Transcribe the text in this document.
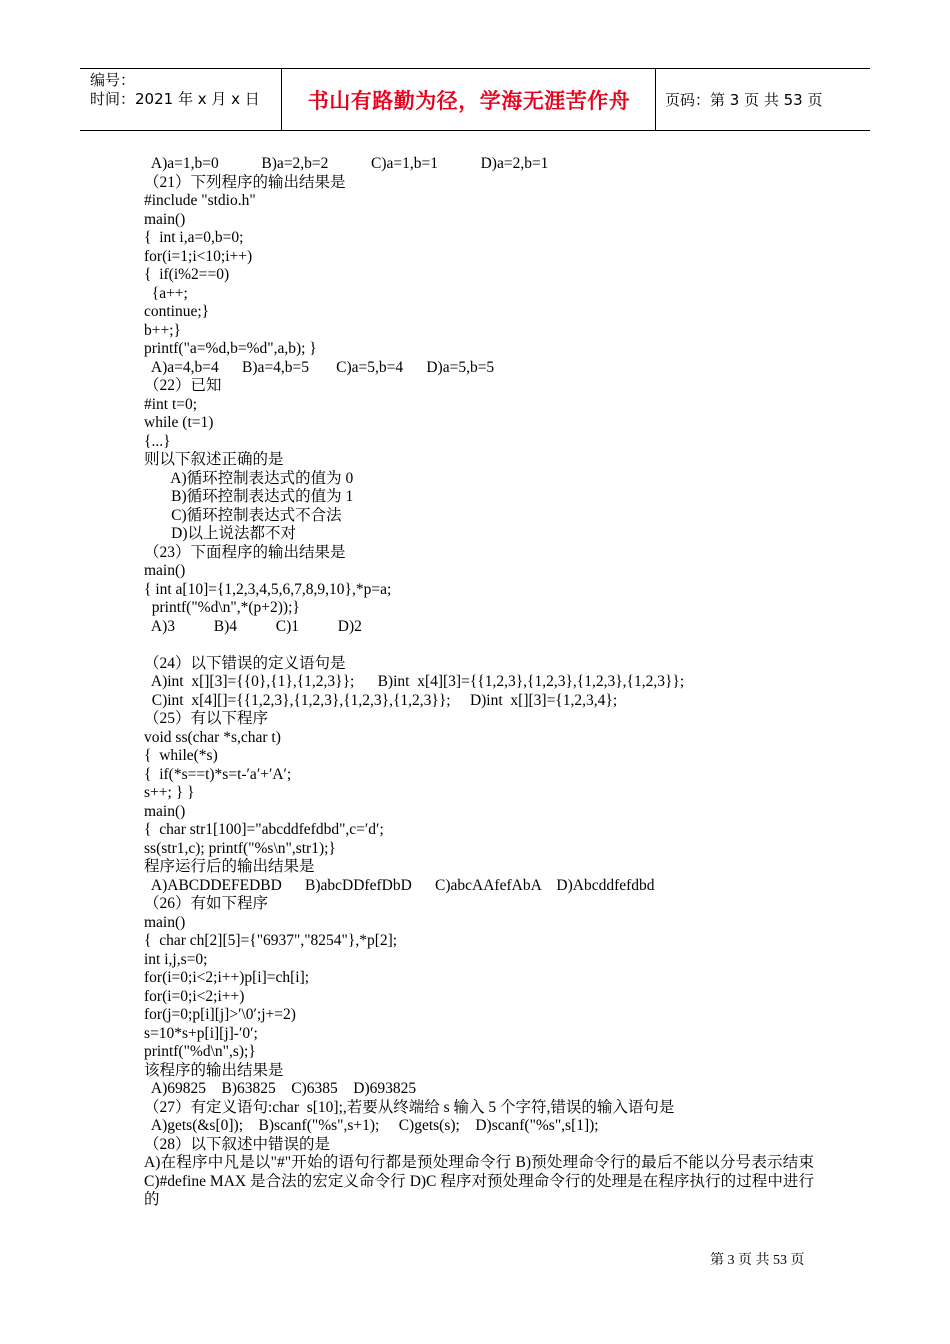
编号：
时间：2021 年 x 月 x 日	书山有路勤为径，学海无涯苦作舟	页码：第 3 页 共 53 页
A)a=1,b=0           B)a=2,b=2           C)a=1,b=1           D)a=2,b=1
（21）下列程序的输出结果是
#include "stdio.h"
main()
{  int i,a=0,b=0;
for(i=1;i<10;i++)
{  if(i%2==0)
{a++;
continue;}
b++;}
printf("a=%d,b=%d",a,b); }
A)a=4,b=4      B)a=4,b=5       C)a=5,b=4      D)a=5,b=5
（22）已知
#int t=0;
while (t=1)
{...}
则以下叙述正确的是
A)循环控制表达式的值为 0
B)循环控制表达式的值为 1
C)循环控制表达式不合法
D)以上说法都不对
（23）下面程序的输出结果是
main()
{ int a[10]={1,2,3,4,5,6,7,8,9,10},*p=a;
printf("%d\n",*(p+2));}
A)3          B)4          C)1          D)2
（24）以下错误的定义语句是
A)int  x[][3]={{0},{1},{1,2,3}};      B)int  x[4][3]={{1,2,3},{1,2,3},{1,2,3},{1,2,3}};
C)int  x[4][]={{1,2,3},{1,2,3},{1,2,3},{1,2,3}};     D)int  x[][3]={1,2,3,4};
（25）有以下程序
void ss(char *s,char t)
{  while(*s)
{  if(*s==t)*s=t-′a′+′A′;
s++; } }
main()
{  char str1[100]="abcddfefdbd",c=′d′;
ss(str1,c); printf("%s\n",str1);}
程序运行后的输出结果是
A)ABCDDEFEDBD      B)abcDDfefDbD      C)abcAAfefAbA    D)Abcddfefdbd
（26）有如下程序
main()
{  char ch[2][5]={"6937","8254"},*p[2];
int i,j,s=0;
for(i=0;i<2;i++)p[i]=ch[i];
for(i=0;i<2;i++)
for(j=0;p[i][j]>′\0′;j+=2)
s=10*s+p[i][j]-′0′;
printf("%d\n",s);}
该程序的输出结果是
A)69825    B)63825    C)6385    D)693825
（27）有定义语句:char  s[10];,若要从终端给 s 输入 5 个字符,错误的输入语句是
A)gets(&s[0]);    B)scanf("%s",s+1);     C)gets(s);    D)scanf("%s",s[1]);
（28）以下叙述中错误的是
A)在程序中凡是以"#"开始的语句行都是预处理命令行 B)预处理命令行的最后不能以分号表示结束 C)#define MAX 是合法的宏定义命令行 D)C 程序对预处理命令行的处理是在程序执行的过程中进行的
第 3 页 共 53 页
